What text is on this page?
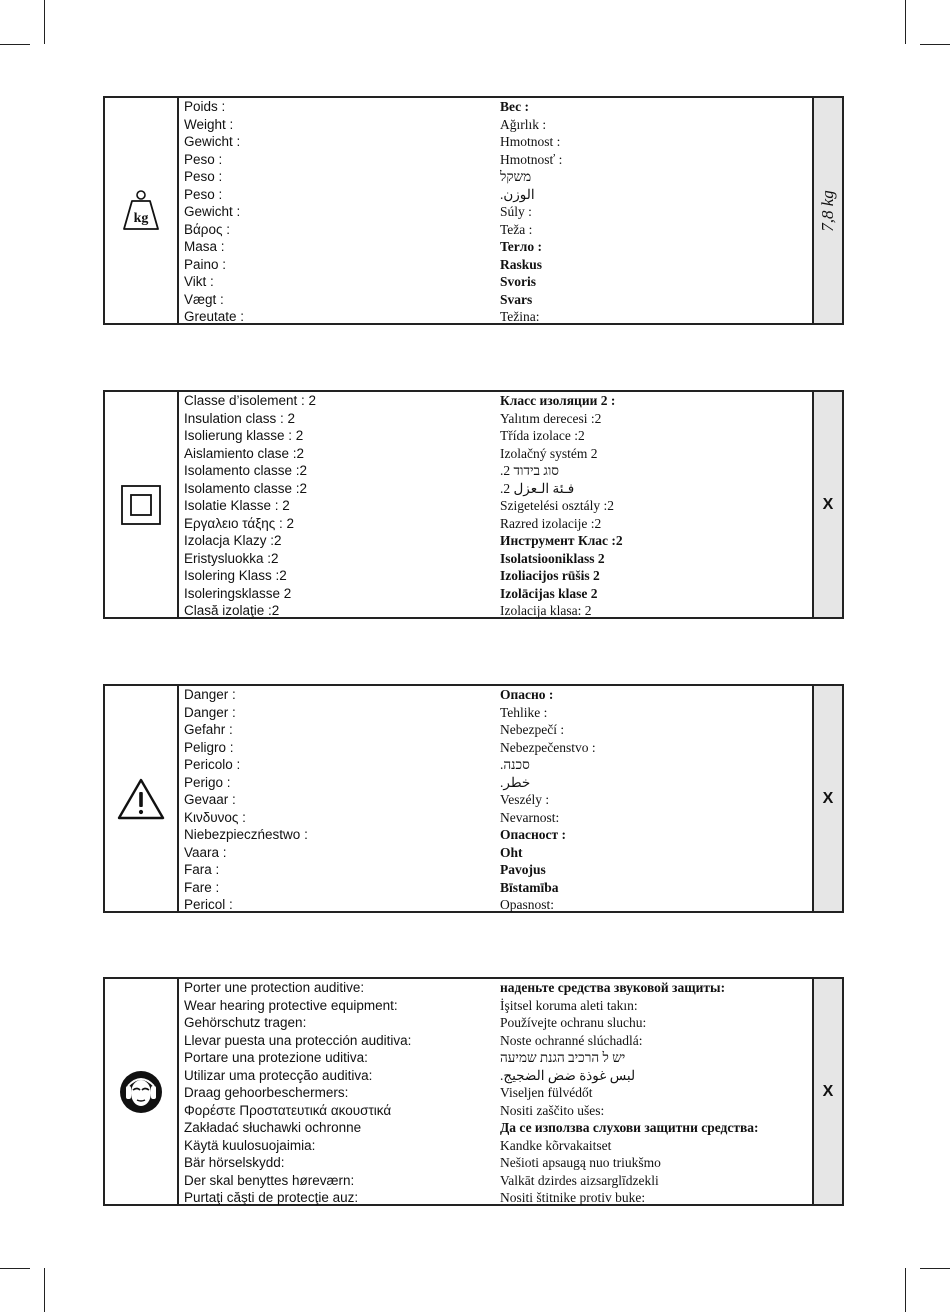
kg
Poids :
Weight :
Gewicht :
Peso :
Peso :
Peso :
Gewicht :
Βάρος :
Masa :
Paino :
Vikt :
Vægt :
Greutate :
Вес :
Ağırlık :
Hmotnost :
Hmotnosť :
משקל
الوزن.
Súly :
Teža :
Terлo :
Raskus
Svoris
Svars
Težina:
7,8 kg
Classe d’isolement : 2
Insulation class : 2
Isolierung klasse : 2
Aislamiento clase :2
Isolamento classe :2
Isolamento classe :2
Isolatie Klasse : 2
Εργαλειο τάξης : 2
Izolacja Klazy :2
Eristysluokka :2
Isolering Klass :2
Isoleringsklasse 2
Clasă izolaţie :2
Класс изоляции 2 :
Yalıtım derecesi :2
Třída izolace :2
Izolačný systém 2
סוג בידוד 2.
فـئة الـعزل 2.
Szigetelési osztály :2
Razred izolacije :2
Инструмент Клас :2
Isolatsiooniklass 2
Izoliacijos rūšis 2
Izolācijas klase 2
Izolacija klasa: 2
X
Danger :
Danger :
Gefahr :
Peligro :
Pericolo :
Perigo :
Gevaar :
Κινδυνος :
Niebezpieczńestwo :
Vaara :
Fara :
Fare :
Pericol :
Опасно :
Tehlike :
Nebezpečí :
Nebezpečenstvo :
סכנה.
خطر.
Veszély :
Nevarnost:
Опасност :
Oht
Pavojus
Bīstamība
Opasnost:
X
Porter une protection auditive:
Wear hearing protective equipment:
Gehörschutz tragen:
Llevar puesta una protección auditiva:
Portare una protezione uditiva:
Utilizar uma protecção auditiva:
Draag gehoorbeschermers:
Φορέστε Προστατευτικά ακουστικά
Zakładać słuchawki ochronne
Käytä kuulosuojaimia:
Bär hörselskydd:
Der skal benyttes høreværn:
Purtaţi căşti de protecţie auz:
наденьте средства звуковой защиты:
İşitsel koruma aleti takın:
Používejte ochranu sluchu:
Noste ochranné slúchadlá:
יש ל הרכיב הגנת שמיעה
لبس غوذة ضض الضجيج.
Viseljen fülvédőt
Nositi zaščito ušes:
Да се използва слухови защитни средства:
Kandke kõrvakaitset
Nešioti apsaugą nuo triukšmo
Valkāt dzirdes aizsarglīdzekli
Nositi štitnike protiv buke:
X
